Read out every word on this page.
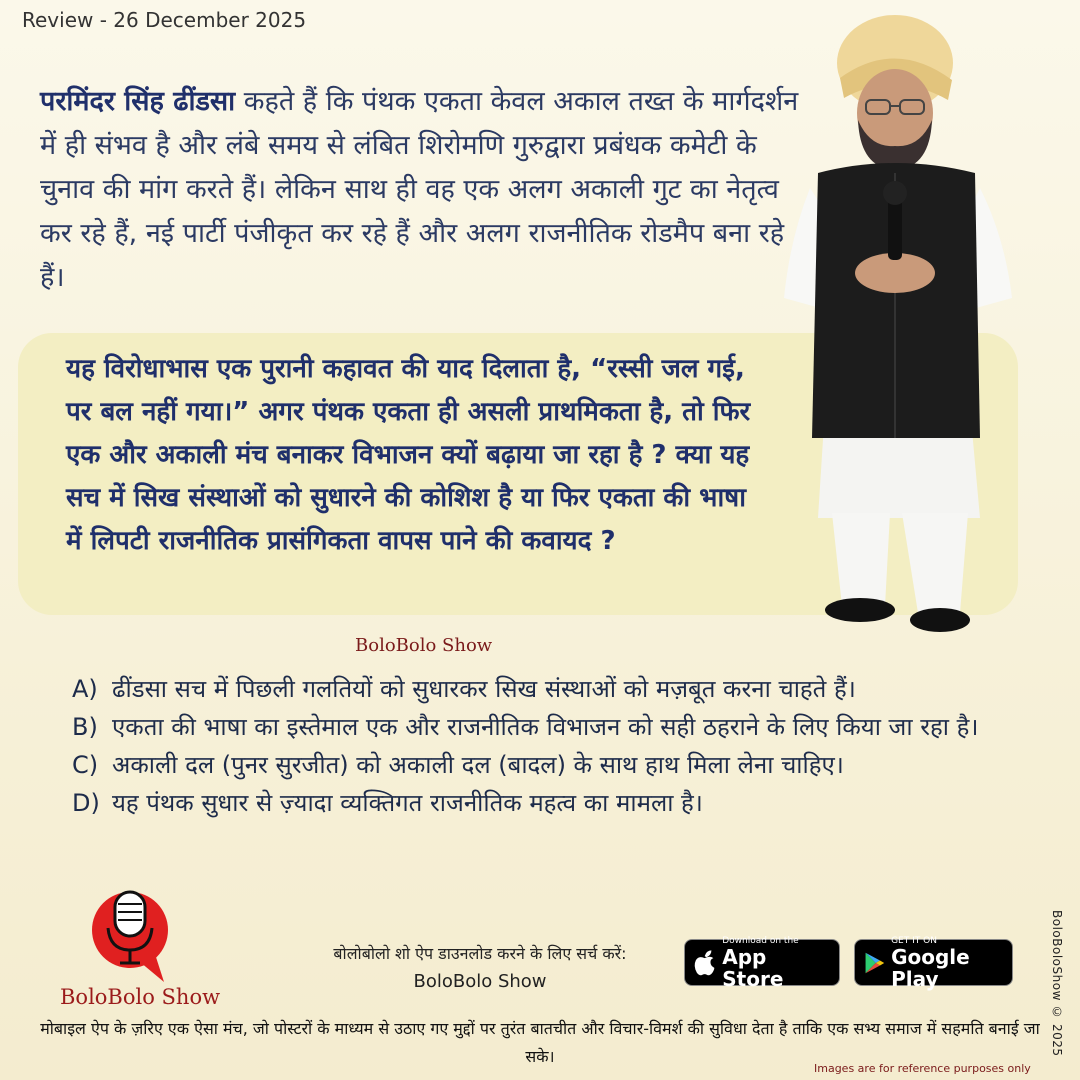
Review - 26 December 2025
परमिंदर सिंह ढींडसा कहते हैं कि पंथक एकता केवल अकाल तख्त के मार्गदर्शन में ही संभव है और लंबे समय से लंबित शिरोमणि गुरुद्वारा प्रबंधक कमेटी के चुनाव की मांग करते हैं। लेकिन साथ ही वह एक अलग अकाली गुट का नेतृत्व कर रहे हैं, नई पार्टी पंजीकृत कर रहे हैं और अलग राजनीतिक रोडमैप बना रहे हैं।
यह विरोधाभास एक पुरानी कहावत की याद दिलाता है, “रस्सी जल गई, पर बल नहीं गया।” अगर पंथक एकता ही असली प्राथमिकता है, तो फिर एक और अकाली मंच बनाकर विभाजन क्यों बढ़ाया जा रहा है ? क्या यह सच में सिख संस्थाओं को सुधारने की कोशिश है या फिर एकता की भाषा में लिपटी राजनीतिक प्रासंगिकता वापस पाने की कवायद ?
BoloBolo Show
A) ढींडसा सच में पिछली गलतियों को सुधारकर सिख संस्थाओं को मज़बूत करना चाहते हैं।
B) एकता की भाषा का इस्तेमाल एक और राजनीतिक विभाजन को सही ठहराने के लिए किया जा रहा है।
C) अकाली दल (पुनर सुरजीत) को अकाली दल (बादल) के साथ हाथ मिला लेना चाहिए।
D) यह पंथक सुधार से ज़्यादा व्यक्तिगत राजनीतिक महत्व का मामला है।
BoloBolo Show
बोलोबोलो शो ऐप डाउनलोड करने के लिए सर्च करें:
BoloBolo Show
Download on the
App Store
GET IT ON
Google Play
मोबाइल ऐप के ज़रिए एक ऐसा मंच, जो पोस्टरों के माध्यम से उठाए गए मुद्दों पर तुरंत बातचीत और विचार-विमर्श की सुविधा देता है ताकि एक सभ्य समाज में सहमति बनाई जा सके।	BoloBoloShow © 2025
Images are for reference purposes only
